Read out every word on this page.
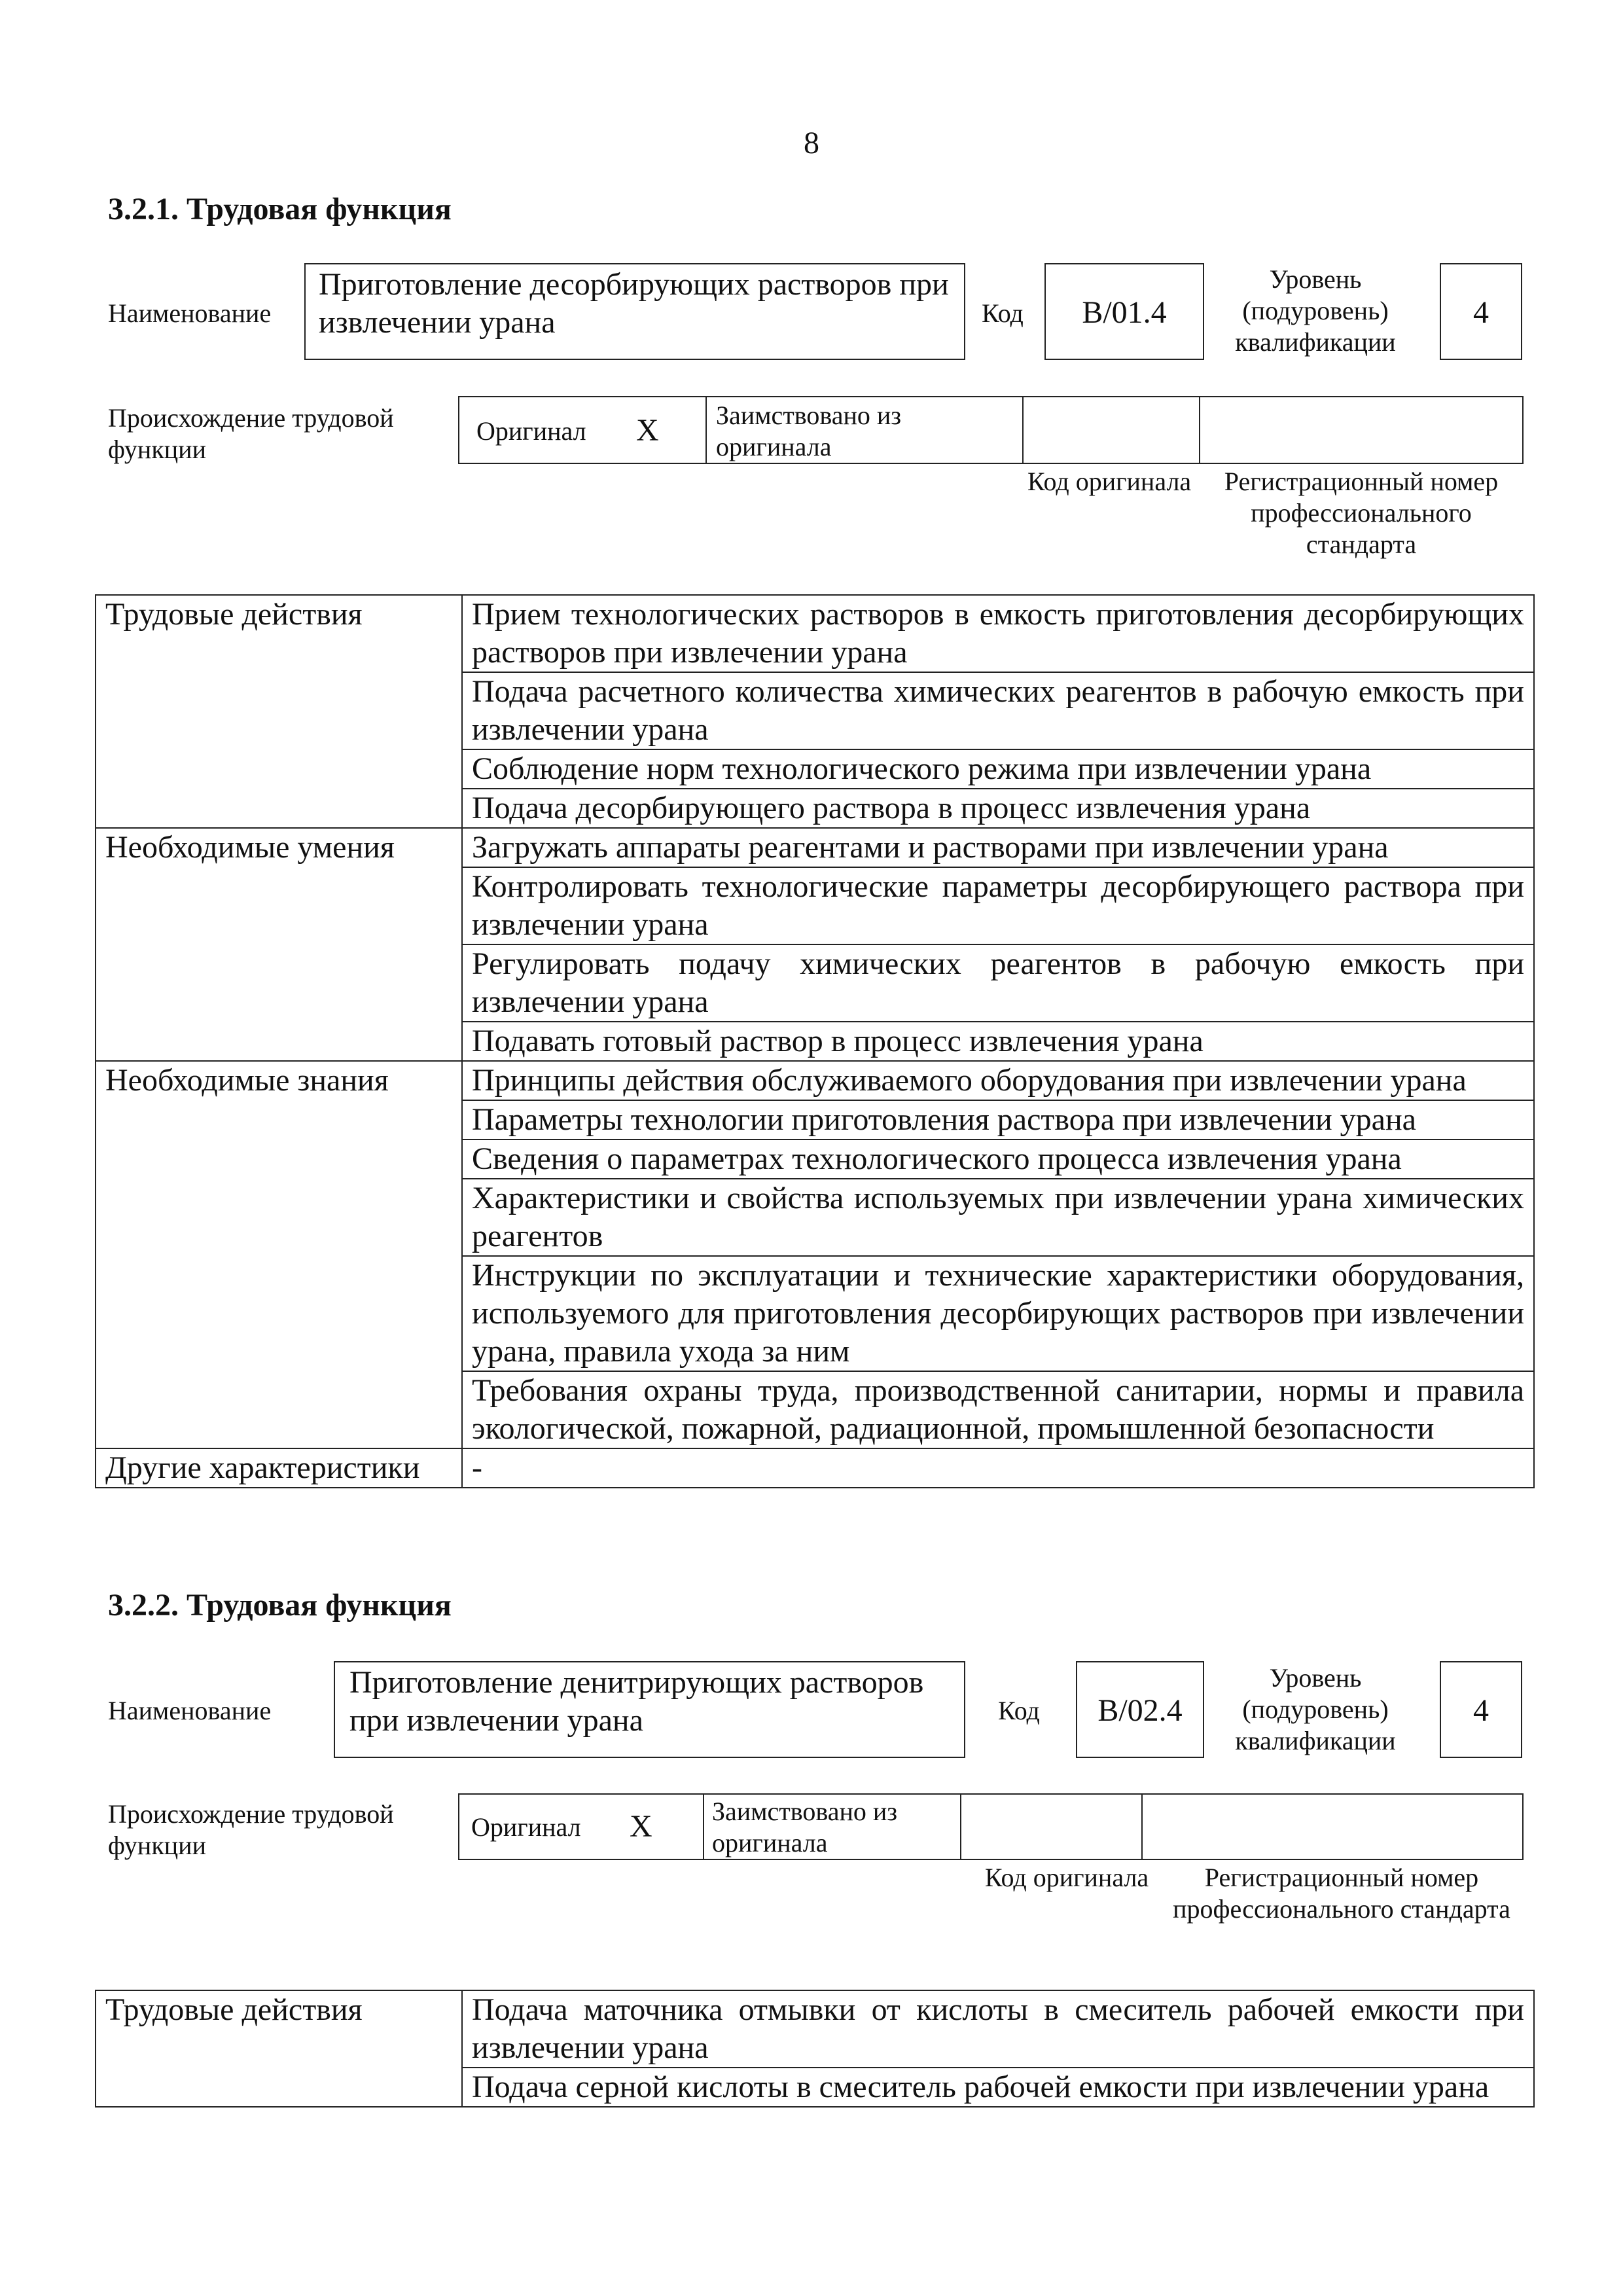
8
3.2.1. Трудовая функция
Наименование
Приготовление десорбирующих растворов при извлечении урана	Код	B/01.4
Уровень (подуровень) квалификации
4
Происхождение трудовой функции
Оригинал X Заимствовано из оригинала
Код оригинала	Регистрационный номер профессионального стандарта
Трудовые действия	Прием технологических растворов в емкость приготовления десорбирующих растворов при извлечении урана
	Подача расчетного количества химических реагентов в рабочую емкость при извлечении урана
	Соблюдение норм технологического режима при извлечении урана
	Подача десорбирующего раствора в процесс извлечения урана
Необходимые умения	Загружать аппараты реагентами и растворами при извлечении урана
	Контролировать технологические параметры десорбирующего раствора при извлечении урана
	Регулировать подачу химических реагентов в рабочую емкость при извлечении урана
	Подавать готовый раствор в процесс извлечения урана
Необходимые знания	Принципы действия обслуживаемого оборудования при извлечении урана
	Параметры технологии приготовления раствора при извлечении урана
	Сведения о параметрах технологического процесса извлечения урана
	Характеристики и свойства используемых при извлечении урана химических реагентов
	Инструкции по эксплуатации и технические характеристики оборудования, используемого для приготовления десорбирующих растворов при извлечении урана, правила ухода за ним
	Требования охраны труда, производственной санитарии, нормы и правила экологической, пожарной, радиационной, промышленной безопасности
Другие характеристики	-
3.2.2. Трудовая функция
Наименование
Приготовление денитрирующих растворов при извлечении урана	Код	B/02.4
Уровень (подуровень) квалификации
4
Происхождение трудовой функции
Оригинал X Заимствовано из оригинала
Код оригинала	Регистрационный номер профессионального стандарта
Трудовые действия	Подача маточника отмывки от кислоты в смеситель рабочей емкости при извлечении урана
Подача серной кислоты в смеситель рабочей емкости при извлечении урана
